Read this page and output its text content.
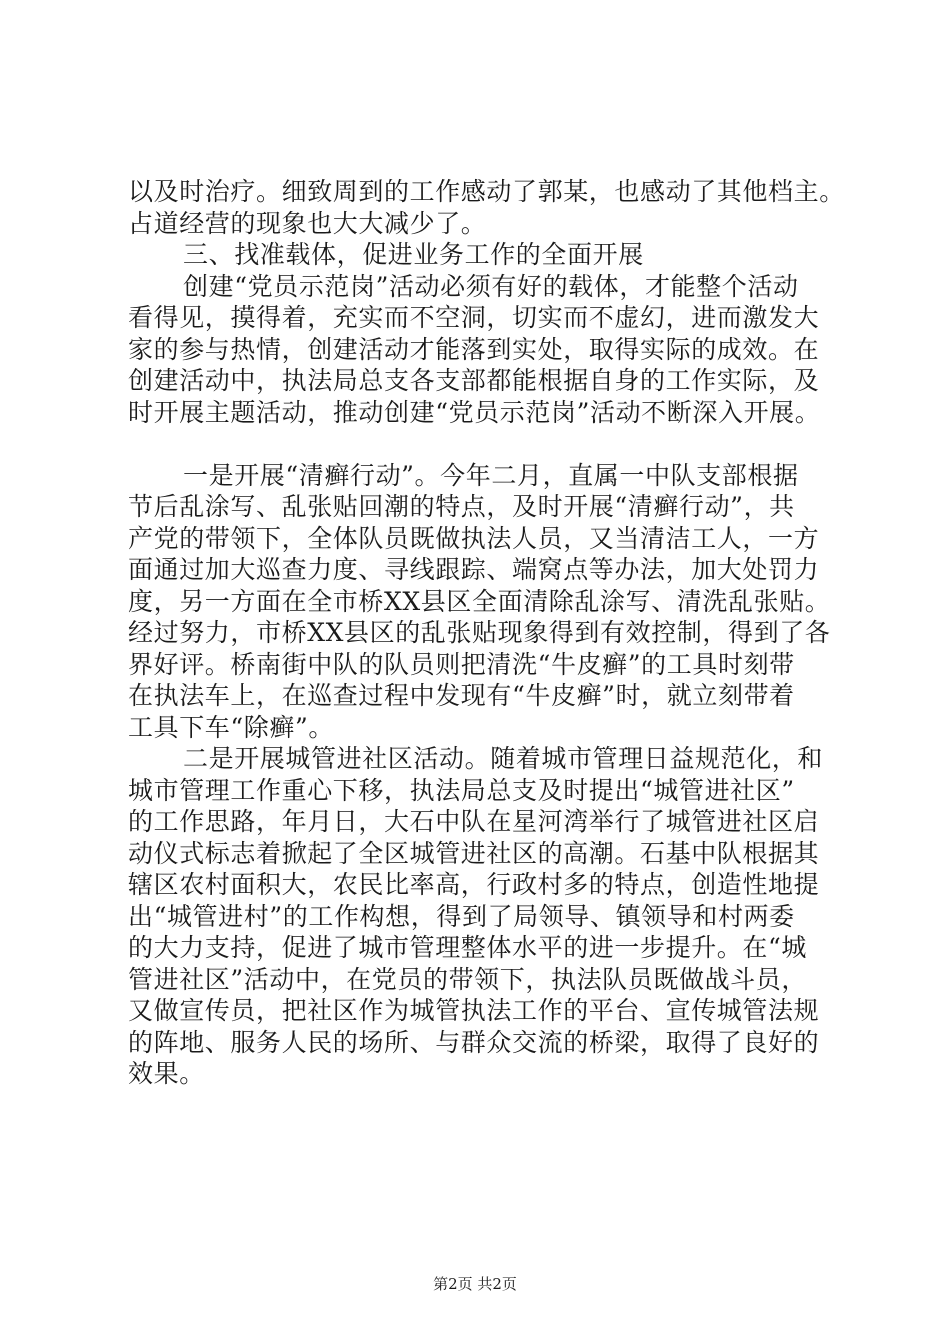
以及时治疗。细致周到的工作感动了郭某，也感动了其他档主。
占道经营的现象也大大减少了。
三、找准载体，促进业务工作的全面开展
创建“党员示范岗”活动必须有好的载体，才能整个活动
看得见，摸得着，充实而不空洞，切实而不虚幻，进而激发大
家的参与热情，创建活动才能落到实处，取得实际的成效。在
创建活动中，执法局总支各支部都能根据自身的工作实际，及
时开展主题活动，推动创建“党员示范岗”活动不断深入开展。
一是开展“清癣行动”。今年二月，直属一中队支部根据
节后乱涂写、乱张贴回潮的特点，及时开展“清癣行动”，共
产党的带领下，全体队员既做执法人员，又当清洁工人，一方
面通过加大巡查力度、寻线跟踪、端窝点等办法，加大处罚力
度，另一方面在全市桥XX县区全面清除乱涂写、清洗乱张贴。
经过努力，市桥XX县区的乱张贴现象得到有效控制，得到了各
界好评。桥南街中队的队员则把清洗“牛皮癣”的工具时刻带
在执法车上，在巡查过程中发现有“牛皮癣”时，就立刻带着
工具下车“除癣”。
二是开展城管进社区活动。随着城市管理日益规范化，和
城市管理工作重心下移，执法局总支及时提出“城管进社区”
的工作思路，年月日，大石中队在星河湾举行了城管进社区启
动仪式标志着掀起了全区城管进社区的高潮。石基中队根据其
辖区农村面积大，农民比率高，行政村多的特点，创造性地提
出“城管进村”的工作构想，得到了局领导、镇领导和村两委
的大力支持，促进了城市管理整体水平的进一步提升。在“城
管进社区”活动中，在党员的带领下，执法队员既做战斗员，
又做宣传员，把社区作为城管执法工作的平台、宣传城管法规
的阵地、服务人民的场所、与群众交流的桥梁，取得了良好的
效果。
第2页 共2页
